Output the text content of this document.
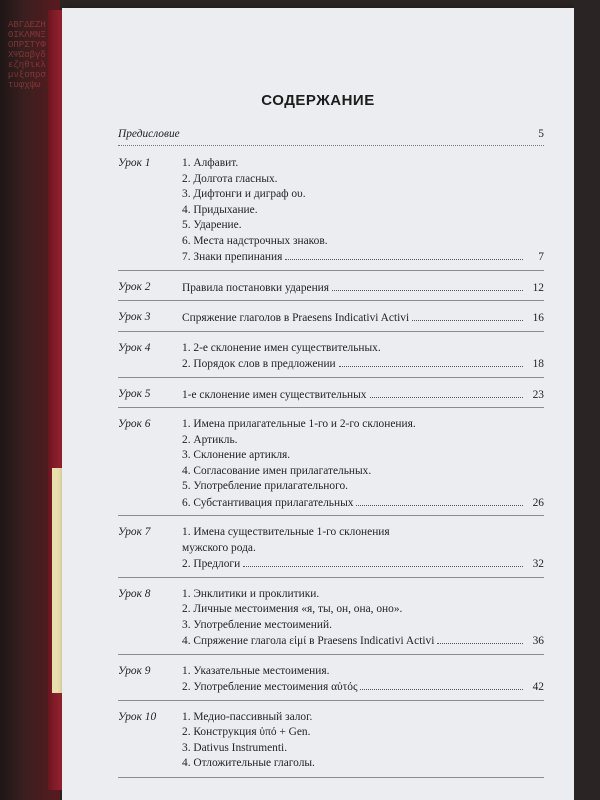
ΑΒΓΔΕΖΗΘΙΚΛΜΝΞΟΠΡΣΤΥΦΧΨΩαβγδεζηθικλμνξοπρστυφχψω
СОДЕРЖАНИЕ
Предисловие	5
Урок 1	1. Алфавит.
2. Долгота гласных.
3. Дифтонги и диграф ου.
4. Придыхание.
5. Ударение.
6. Места надстрочных знаков.
7. Знаки препинания	7
Урок 2	Правила постановки ударения	12
Урок 3	Спряжение глаголов в Praesens Indicativi Activi	16
Урок 4	1. 2-е склонение имен существительных.
2. Порядок слов в предложении	18
Урок 5	1-е склонение имен существительных	23
Урок 6	1. Имена прилагательные 1-го и 2-го склонения.
2. Артикль.
3. Склонение артикля.
4. Согласование имен прилагательных.
5. Употребление прилагательного.
6. Субстантивация прилагательных	26
Урок 7	1. Имена существительные 1-го склонения
мужского рода.
2. Предлоги	32
Урок 8	1. Энклитики и проклитики.
2. Личные местоимения «я, ты, он, она, оно».
3. Употребление местоимений.
4. Спряжение глагола εἰμί в Praesens Indicativi Activi	36
Урок 9	1. Указательные местоимения.
2. Употребление местоимения αὐτός	42
Урок 10	1. Медио-пассивный залог.
2. Конструкция ὑπό + Gen.
3. Dativus Instrumenti.
4. Отложительные глаголы.
